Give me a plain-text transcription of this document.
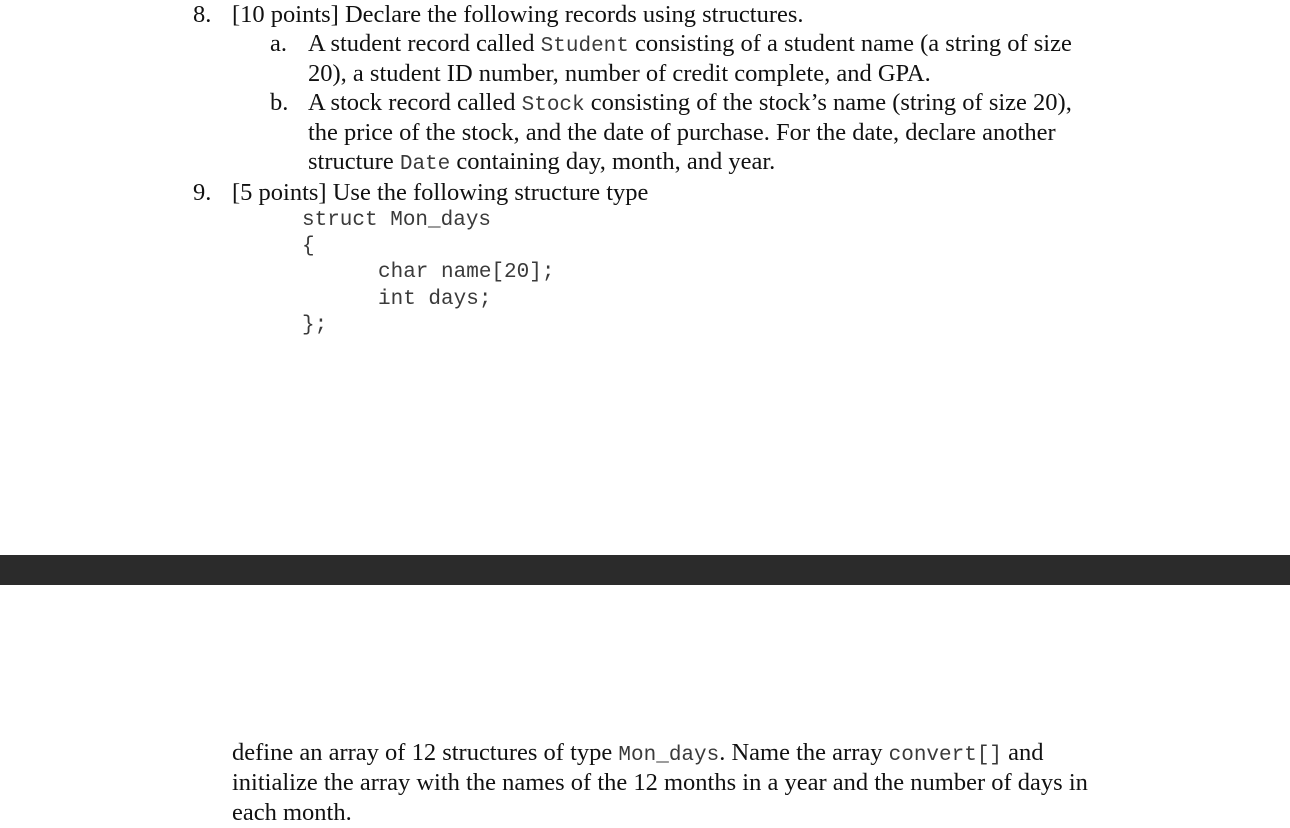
8. [10 points] Declare the following records using structures.
a. A student record called Student consisting of a student name (a string of size
20), a student ID number, number of credit complete, and GPA.
b. A stock record called Stock consisting of the stock’s name (string of size 20),
the price of the stock, and the date of purchase. For the date, declare another
structure Date containing day, month, and year.
9. [5 points] Use the following structure type
struct Mon_days
{
char name[20];
int days;
};
define an array of 12 structures of type Mon_days. Name the array convert[] and
initialize the array with the names of the 12 months in a year and the number of days in
each month.
